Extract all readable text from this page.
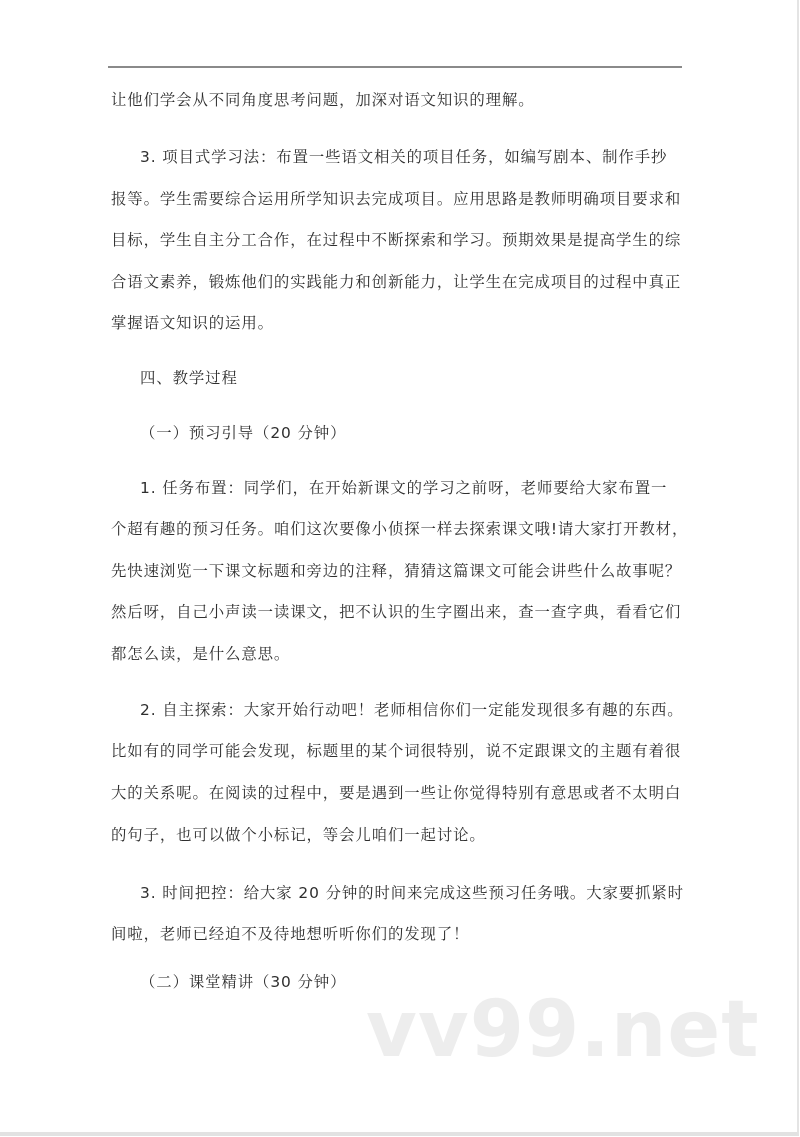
让他们学会从不同角度思考问题，加深对语文知识的理解。
3. 项目式学习法：布置一些语文相关的项目任务，如编写剧本、制作手抄
报等。学生需要综合运用所学知识去完成项目。应用思路是教师明确项目要求和
目标，学生自主分工合作，在过程中不断探索和学习。预期效果是提高学生的综
合语文素养，锻炼他们的实践能力和创新能力，让学生在完成项目的过程中真正
掌握语文知识的运用。
四、教学过程
（一）预习引导（20 分钟）
1. 任务布置：同学们，在开始新课文的学习之前呀，老师要给大家布置一
个超有趣的预习任务。咱们这次要像小侦探一样去探索课文哦!请大家打开教材，
先快速浏览一下课文标题和旁边的注释，猜猜这篇课文可能会讲些什么故事呢？
然后呀，自己小声读一读课文，把不认识的生字圈出来，查一查字典，看看它们
都怎么读，是什么意思。
2. 自主探索：大家开始行动吧！老师相信你们一定能发现很多有趣的东西。
比如有的同学可能会发现，标题里的某个词很特别，说不定跟课文的主题有着很
大的关系呢。在阅读的过程中，要是遇到一些让你觉得特别有意思或者不太明白
的句子，也可以做个小标记，等会儿咱们一起讨论。
3. 时间把控：给大家 20 分钟的时间来完成这些预习任务哦。大家要抓紧时
间啦，老师已经迫不及待地想听听你们的发现了！
（二）课堂精讲（30 分钟）
vv99.net
